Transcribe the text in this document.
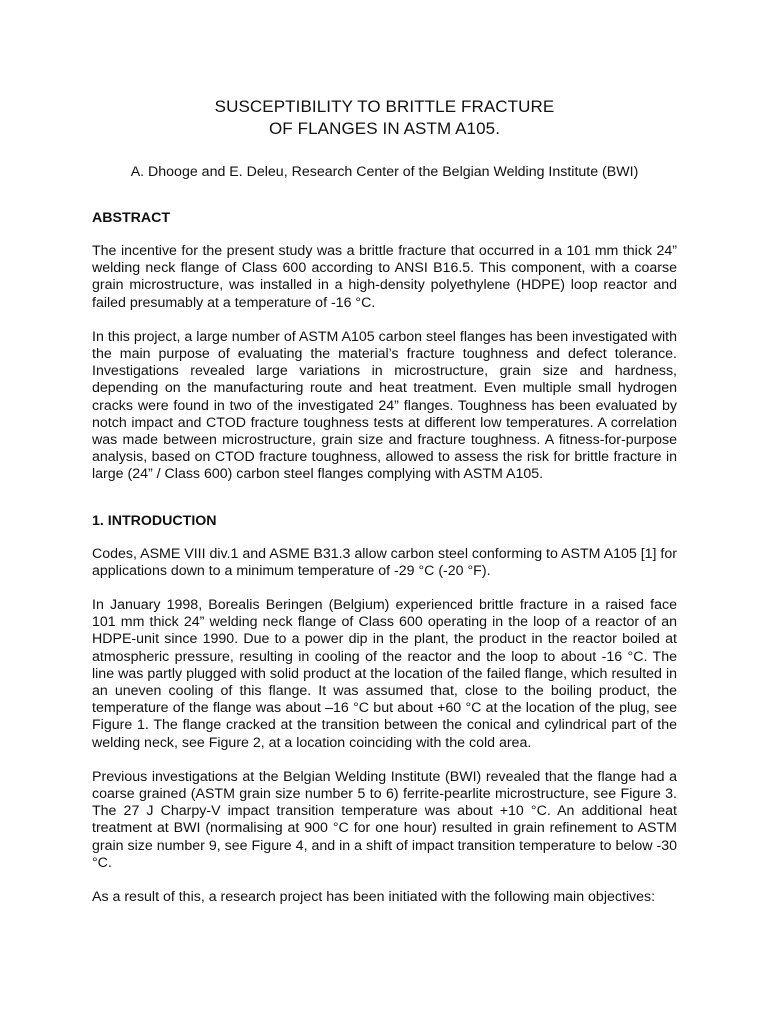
SUSCEPTIBILITY TO BRITTLE FRACTURE
OF FLANGES IN ASTM A105.
A. Dhooge and E. Deleu, Research Center of the Belgian Welding Institute (BWI)
ABSTRACT

The incentive for the present study was a brittle fracture that occurred in a 101 mm thick 24” welding neck flange of Class 600 according to ANSI B16.5. This component, with a coarse grain microstructure, was installed in a high-density polyethylene (HDPE) loop reactor and failed presumably at a temperature of -16 °C.

In this project, a large number of ASTM A105 carbon steel flanges has been investigated with the main purpose of evaluating the material’s fracture toughness and defect tolerance. Investigations revealed large variations in microstructure, grain size and hardness, depending on the manufacturing route and heat treatment. Even multiple small hydrogen cracks were found in two of the investigated 24” flanges. Toughness has been evaluated by notch impact and CTOD fracture toughness tests at different low temperatures. A correlation was made between microstructure, grain size and fracture toughness. A fitness-for-purpose analysis, based on CTOD fracture toughness, allowed to assess the risk for brittle fracture in large (24” / Class 600) carbon steel flanges complying with ASTM A105.

1. INTRODUCTION

Codes, ASME VIII div.1 and ASME B31.3 allow carbon steel conforming to ASTM A105 [1] for applications down to a minimum temperature of -29 °C (-20 °F).

In January 1998, Borealis Beringen (Belgium) experienced brittle fracture in a raised face 101 mm thick 24” welding neck flange of Class 600 operating in the loop of a reactor of an HDPE-unit since 1990. Due to a power dip in the plant, the product in the reactor boiled at atmospheric pressure, resulting in cooling of the reactor and the loop to about -16 °C. The line was partly plugged with solid product at the location of the failed flange, which resulted in an uneven cooling of this flange. It was assumed that, close to the boiling product, the temperature of the flange was about –16 °C but about +60 °C at the location of the plug, see Figure 1. The flange cracked at the transition between the conical and cylindrical part of the welding neck, see Figure 2, at a location coinciding with the cold area.

Previous investigations at the Belgian Welding Institute (BWI) revealed that the flange had a coarse grained (ASTM grain size number 5 to 6) ferrite-pearlite microstructure, see Figure 3. The 27 J Charpy-V impact transition temperature was about +10 °C. An additional heat treatment at BWI (normalising at 900 °C for one hour) resulted in grain refinement to ASTM grain size number 9, see Figure 4, and in a shift of impact transition temperature to below -30 °C.

As a result of this, a research project has been initiated with the following main objectives:
